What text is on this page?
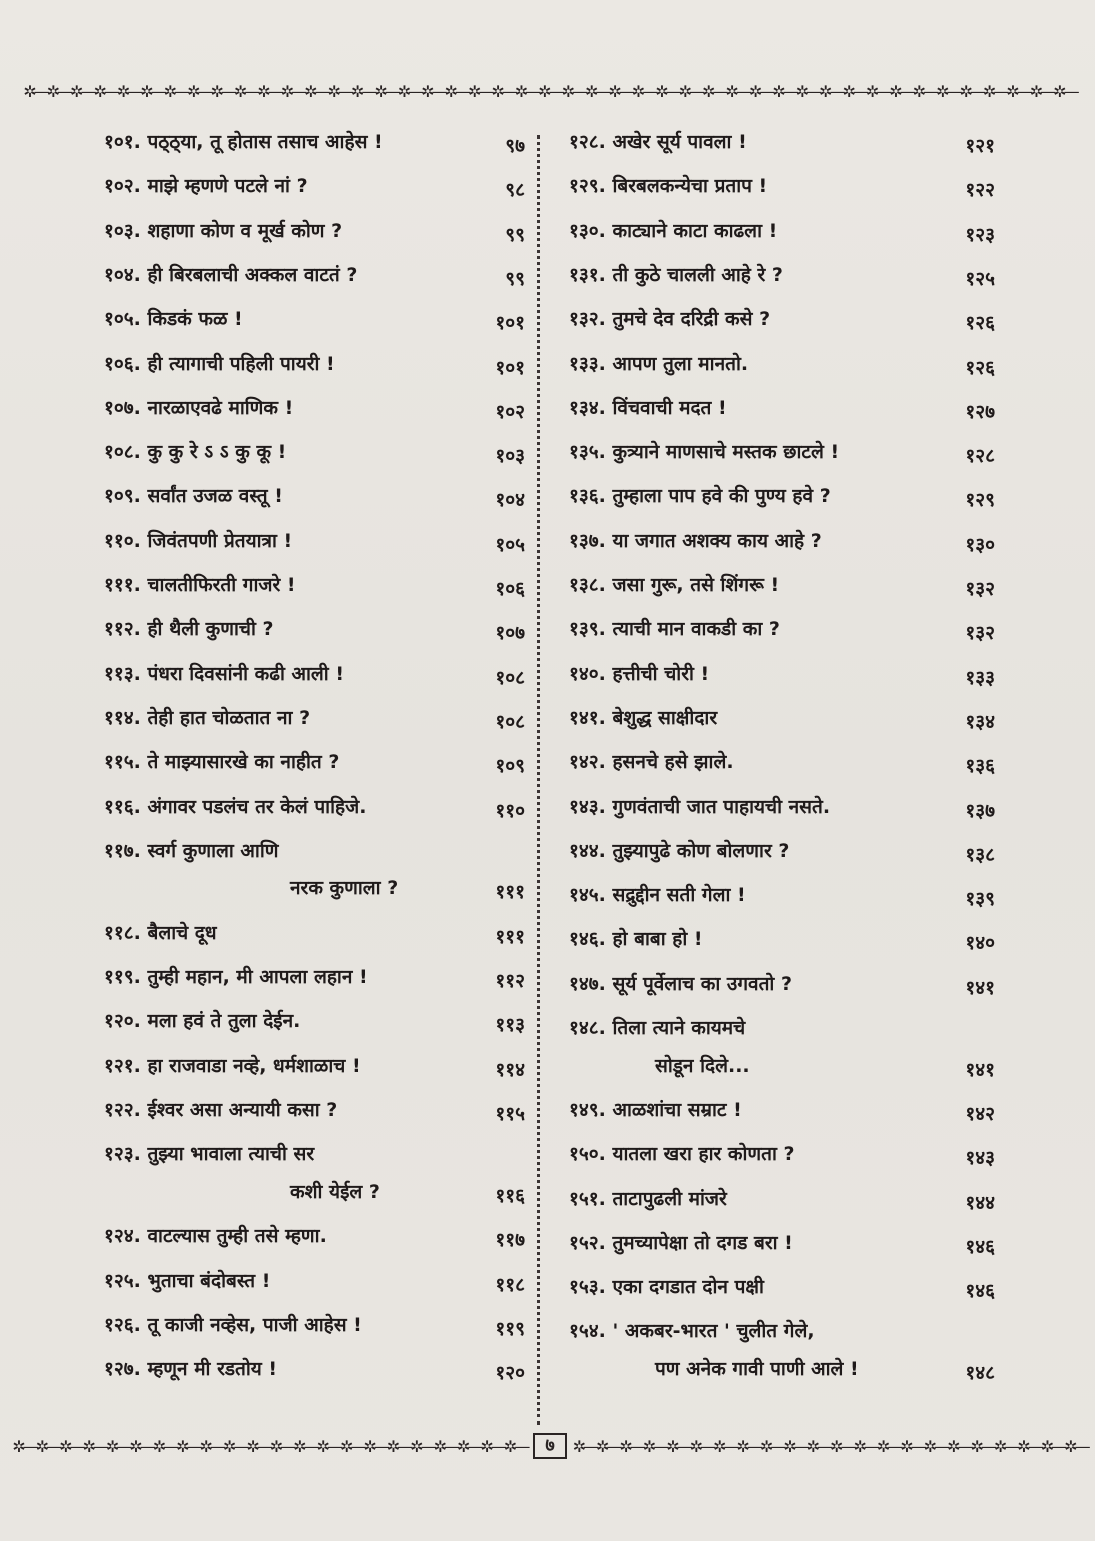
✲—✲—✲—✲—✲—✲—✲—✲—✲—✲—✲—✲—✲—✲—✲—✲—✲—✲—✲—✲—✲—✲—✲—✲—✲—✲—✲—✲—✲—✲—✲—✲—✲—✲—✲—✲—✲—✲—✲—✲—✲—✲—✲—✲—✲—
१०१. पठ्ठ्या, तू होतास तसाच आहेस !	९७
१०२. माझे म्हणणे पटले नां ?	९८
१०३. शहाणा कोण व मूर्ख कोण ?	९९
१०४. ही बिरबलाची अक्कल वाटतं ?	९९
१०५. किडकं फळ !	१०१
१०६. ही त्यागाची पहिली पायरी !	१०१
१०७. नारळाएवढे माणिक !	१०२
१०८. कु कु रे ऽ ऽ कु कू !	१०३
१०९. सर्वांत उजळ वस्तू !	१०४
११०. जिवंतपणी प्रेतयात्रा !	१०५
१११. चालतीफिरती गाजरे !	१०६
११२. ही थैली कुणाची ?	१०७
११३. पंधरा दिवसांनी कढी आली !	१०८
११४. तेही हात चोळतात ना ?	१०८
११५. ते माझ्यासारखे का नाहीत ?	१०९
११६. अंगावर पडलंच तर केलं पाहिजे.	११०
११७. स्वर्ग कुणाला आणि
नरक कुणाला ?	१११
११८. बैलाचे दूध	१११
११९. तुम्ही महान, मी आपला लहान !	११२
१२०. मला हवं ते तुला देईन.	११३
१२१. हा राजवाडा नव्हे, धर्मशाळाच !	११४
१२२. ईश्वर असा अन्यायी कसा ?	११५
१२३. तुझ्या भावाला त्याची सर
कशी येईल ?	११६
१२४. वाटल्यास तुम्ही तसे म्हणा.	११७
१२५. भुताचा बंदोबस्त !	११८
१२६. तू काजी नव्हेस, पाजी आहेस !	११९
१२७. म्हणून मी रडतोय !	१२०
१२८. अखेर सूर्य पावला !	१२१
१२९. बिरबलकन्येचा प्रताप !	१२२
१३०. काट्याने काटा काढला !	१२३
१३१. ती कुठे चालली आहे रे ?	१२५
१३२. तुमचे देव दरिद्री कसे ?	१२६
१३३. आपण तुला मानतो.	१२६
१३४. विंचवाची मदत !	१२७
१३५. कुत्र्याने माणसाचे मस्तक छाटले !	१२८
१३६. तुम्हाला पाप हवे की पुण्य हवे ?	१२९
१३७. या जगात अशक्य काय आहे ?	१३०
१३८. जसा गुरू, तसे शिंगरू !	१३२
१३९. त्याची मान वाकडी का ?	१३२
१४०. हत्तीची चोरी !	१३३
१४१. बेशुद्ध साक्षीदार	१३४
१४२. हसनचे हसे झाले.	१३६
१४३. गुणवंताची जात पाहायची नसते.	१३७
१४४. तुझ्यापुढे कोण बोलणार ?	१३८
१४५. सद्रुद्दीन सती गेला !	१३९
१४६. हो बाबा हो !	१४०
१४७. सूर्य पूर्वेलाच का उगवतो ?	१४१
१४८. तिला त्याने कायमचे
सोडून दिले...	१४१
१४९. आळशांचा सम्राट !	१४२
१५०. यातला खरा हार कोणता ?	१४३
१५१. ताटापुढली मांजरे	१४४
१५२. तुमच्यापेक्षा तो दगड बरा !	१४६
१५३. एका दगडात दोन पक्षी	१४६
१५४. ' अकबर-भारत ' चुलीत गेले,
पण अनेक गावी पाणी आले !	१४८
✲—✲—✲—✲—✲—✲—✲—✲—✲—✲—✲—✲—✲—✲—✲—✲—✲—✲—✲—✲—✲—✲—	७	✲—✲—✲—✲—✲—✲—✲—✲—✲—✲—✲—✲—✲—✲—✲—✲—✲—✲—✲—✲—✲—✲—
